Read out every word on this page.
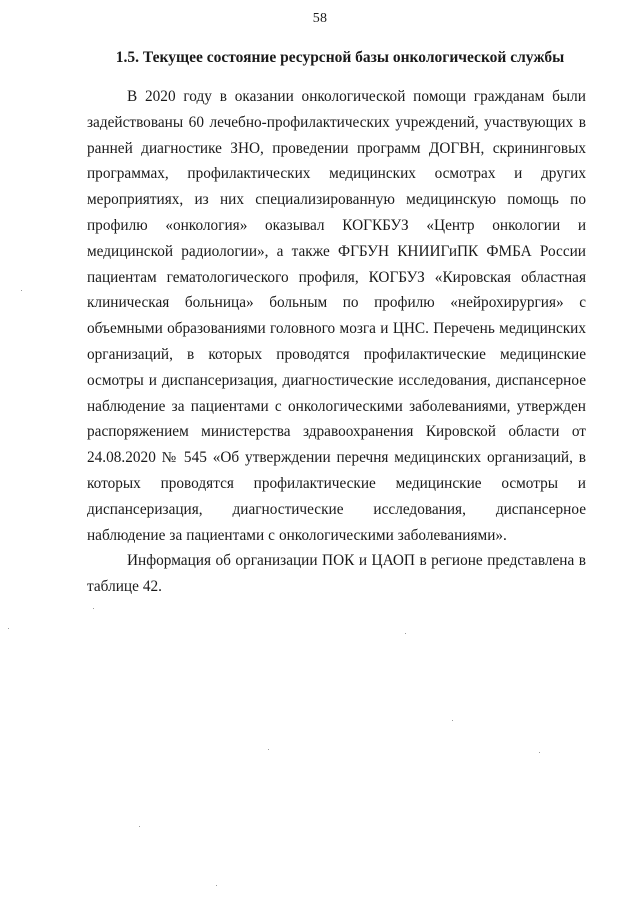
58
1.5. Текущее состояние ресурсной базы онкологической службы

В 2020 году в оказании онкологической помощи гражданам были задействованы 60 лечебно-профилактических учреждений, участвующих в ранней диагностике ЗНО, проведении программ ДОГВН, скрининговых программах, профилактических медицинских осмотрах и других мероприятиях, из них специализированную медицинскую помощь по профилю «онкология» оказывал КОГКБУЗ «Центр онкологии и медицинской радиологии», а также ФГБУН КНИИГиПК ФМБА России пациентам гематологического профиля, КОГБУЗ «Кировская областная клиническая больница» больным по профилю «нейрохирургия» с объемными образованиями головного мозга и ЦНС. Перечень медицинских организаций, в которых проводятся профилактические медицинские осмотры и диспансеризация, диагностические исследования, диспансерное наблюдение за пациентами с онкологическими заболеваниями, утвержден распоряжением министерства здравоохранения Кировской области от 24.08.2020 № 545 «Об утверждении перечня медицинских организаций, в которых проводятся профилактические медицинские осмотры и диспансеризация, диагностические исследования, диспансерное наблюдение за пациентами с онкологическими заболеваниями».

Информация об организации ПОК и ЦАОП в регионе представлена в таблице 42.
